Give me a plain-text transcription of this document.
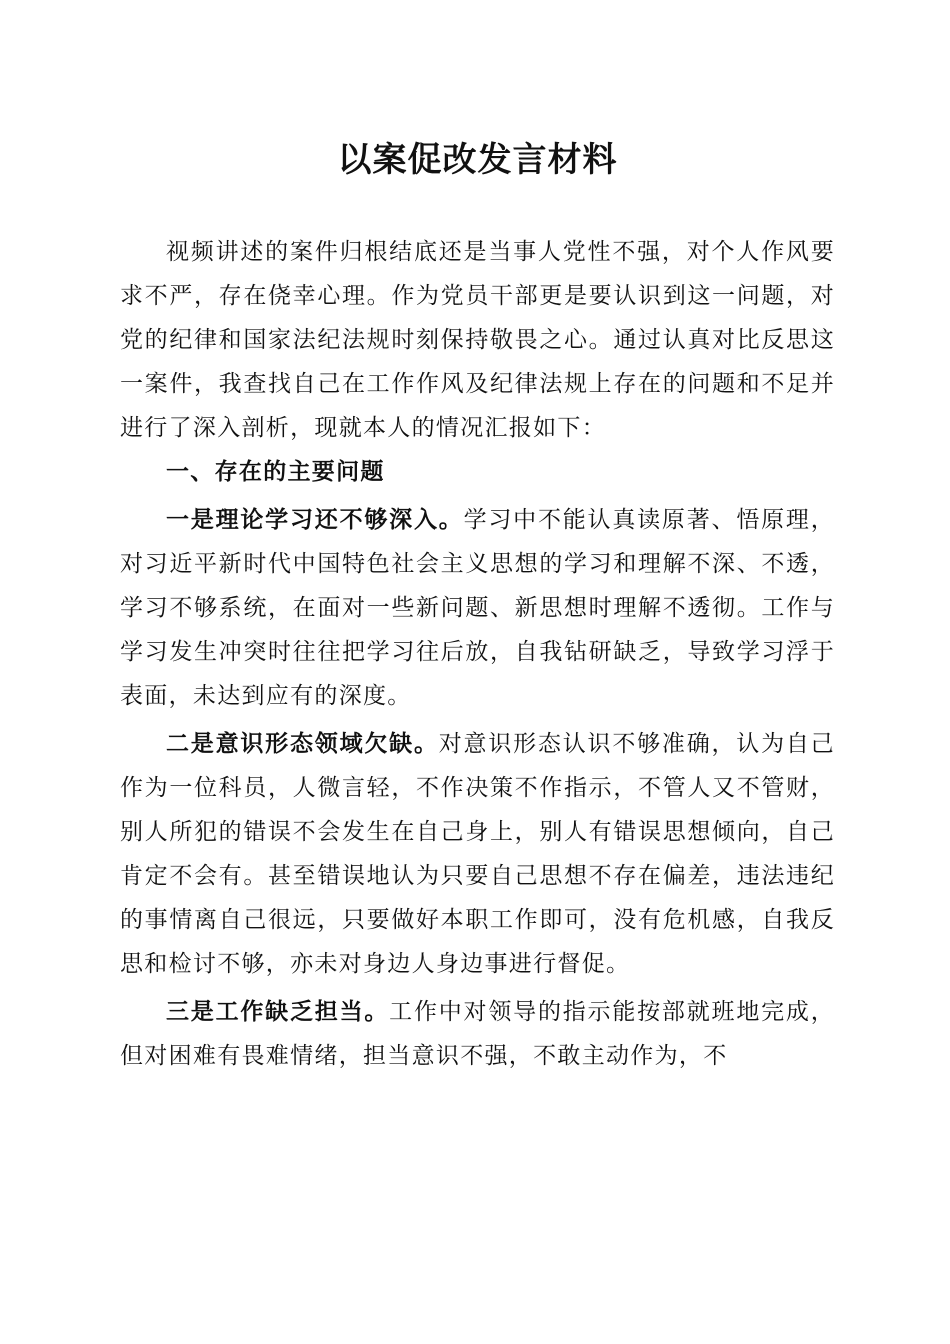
以案促改发言材料

视频讲述的案件归根结底还是当事人党性不强，对个人作风要求不严，存在侥幸心理。作为党员干部更是要认识到这一问题，对党的纪律和国家法纪法规时刻保持敬畏之心。通过认真对比反思这一案件，我查找自己在工作作风及纪律法规上存在的问题和不足并进行了深入剖析，现就本人的情况汇报如下：

一、存在的主要问题

一是理论学习还不够深入。学习中不能认真读原著、悟原理，对习近平新时代中国特色社会主义思想的学习和理解不深、不透，学习不够系统，在面对一些新问题、新思想时理解不透彻。工作与学习发生冲突时往往把学习往后放，自我钻研缺乏，导致学习浮于表面，未达到应有的深度。

二是意识形态领域欠缺。对意识形态认识不够准确，认为自己作为一位科员，人微言轻，不作决策不作指示，不管人又不管财，别人所犯的错误不会发生在自己身上，别人有错误思想倾向，自己肯定不会有。甚至错误地认为只要自己思想不存在偏差，违法违纪的事情离自己很远，只要做好本职工作即可，没有危机感，自我反思和检讨不够，亦未对身边人身边事进行督促。

三是工作缺乏担当。工作中对领导的指示能按部就班地完成，但对困难有畏难情绪，担当意识不强，不敢主动作为，不
